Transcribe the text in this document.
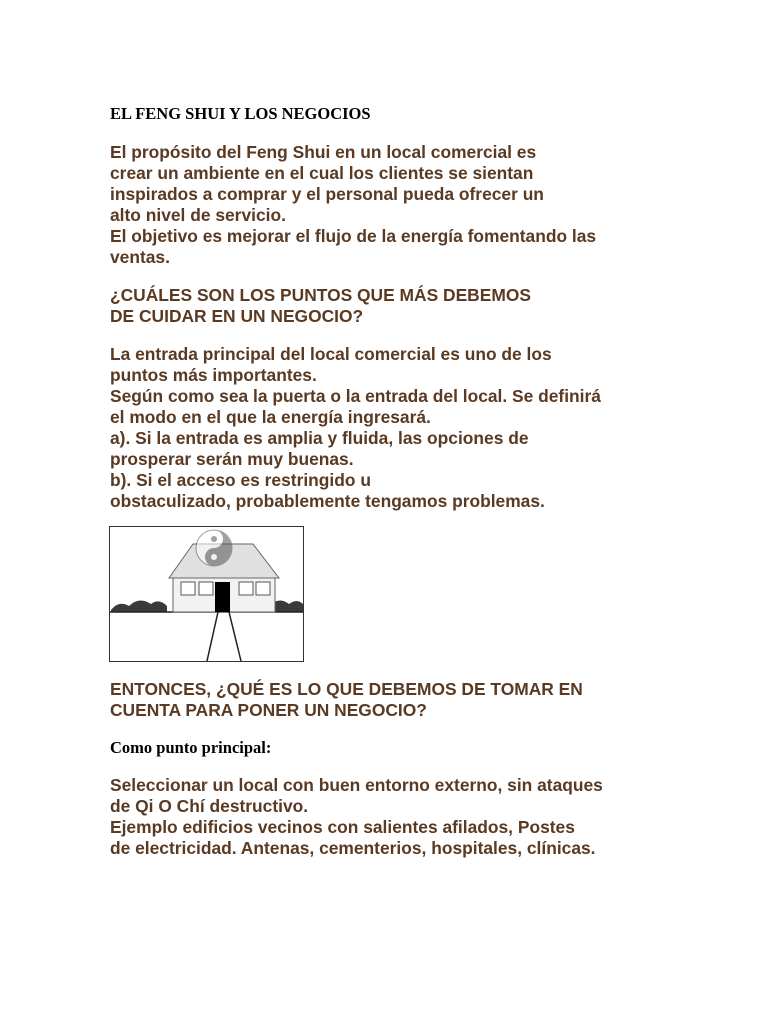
EL FENG SHUI Y LOS NEGOCIOS
El propósito del Feng Shui en un local comercial es
crear un ambiente en el cual los clientes se sientan
inspirados a comprar y el personal pueda ofrecer un
alto nivel de servicio.
El objetivo es mejorar el flujo de la energía fomentando las
ventas.
¿CUÁLES SON LOS PUNTOS QUE MÁS DEBEMOS
DE CUIDAR EN UN NEGOCIO?
La entrada principal del local comercial es uno de los
puntos más importantes.
Según como sea la puerta o la entrada del local. Se definirá
el modo en el que la energía ingresará.
a). Si la entrada es amplia y fluida, las opciones de
prosperar serán muy buenas.
b). Si el acceso es restringido u
obstaculizado, probablemente tengamos problemas.
ENTONCES, ¿QUÉ ES LO QUE DEBEMOS DE TOMAR EN
CUENTA PARA PONER UN NEGOCIO?
Como punto principal:
Seleccionar un local con buen entorno externo, sin ataques
de Qi O Chí destructivo.
Ejemplo edificios vecinos con salientes afilados, Postes
de electricidad. Antenas, cementerios, hospitales, clínicas.
